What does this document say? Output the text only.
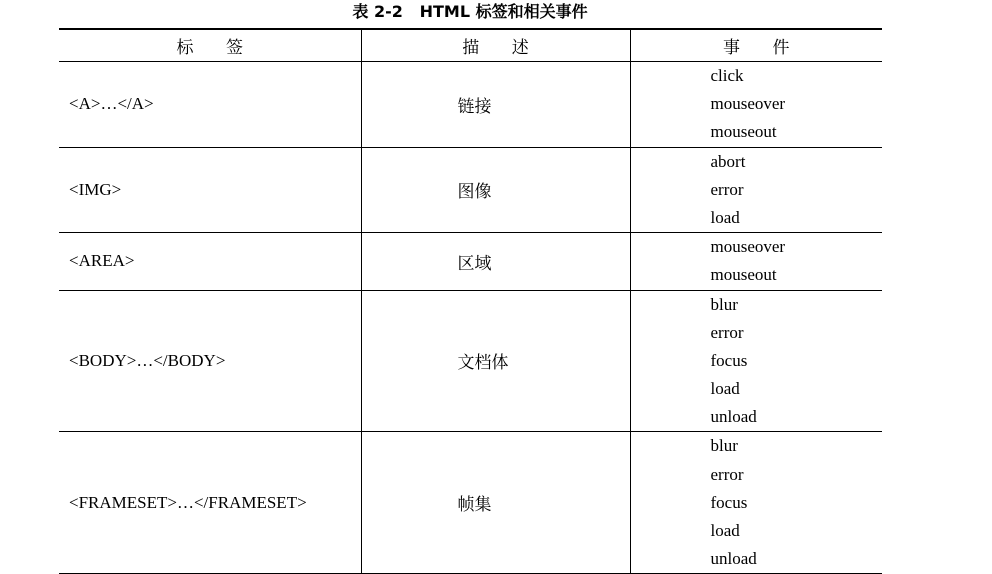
表 2-2   HTML 标签和相关事件
标      签	描      述	事      件
<A>…</A>	链接	click
mouseover
mouseout

<IMG>	图像	abort
error
load

<AREA>	区域	mouseover
mouseout

<BODY>…</BODY>	文档体	blur
error
focus
load
unload

<FRAMESET>…</FRAMESET>	帧集	blur
error
focus
load
unload
